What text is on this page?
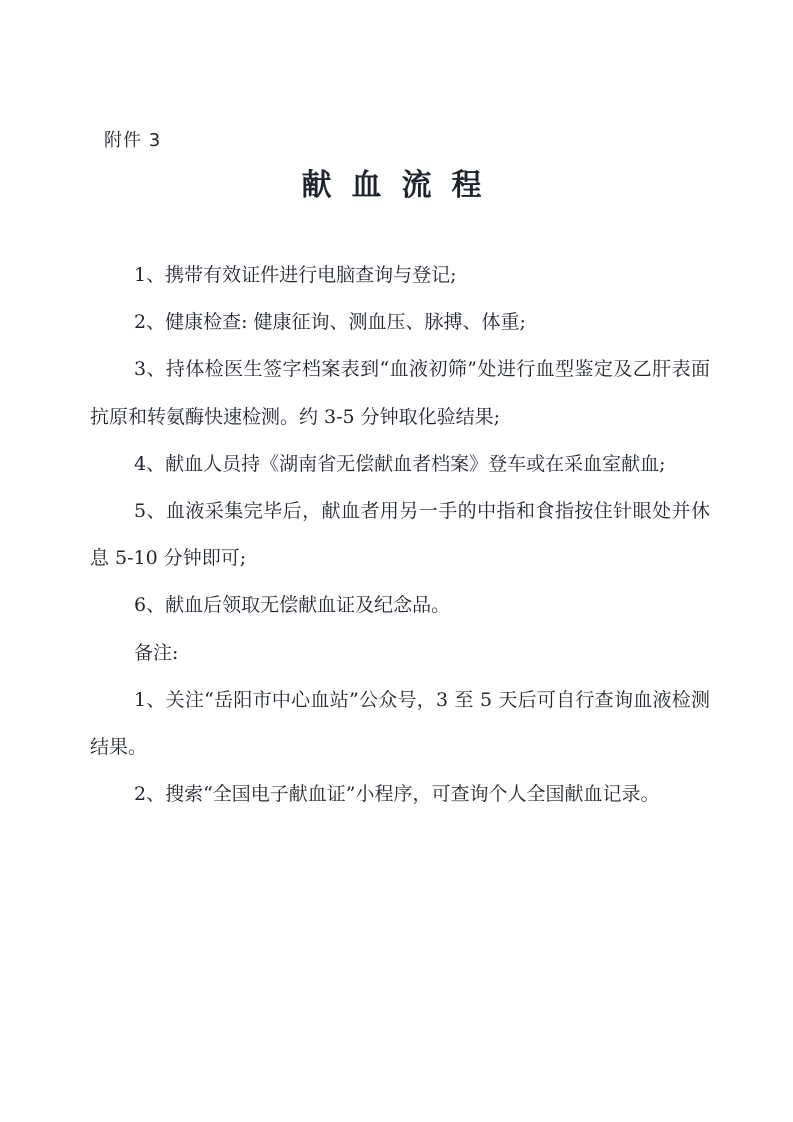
附件 3
献血流程

1、携带有效证件进行电脑查询与登记;

2、健康检查: 健康征询、测血压、脉搏、体重;

3、持体检医生签字档案表到“血液初筛”处进行血型鉴定及乙肝表面抗原和转氨酶快速检测。约 3-5 分钟取化验结果;

4、献血人员持《湖南省无偿献血者档案》登车或在采血室献血;

5、血液采集完毕后，献血者用另一手的中指和食指按住针眼处并休息 5-10 分钟即可;

6、献血后领取无偿献血证及纪念品。

备注:

1、关注“岳阳市中心血站”公众号，3 至 5 天后可自行查询血液检测结果。

2、搜索“全国电子献血证”小程序，可查询个人全国献血记录。
